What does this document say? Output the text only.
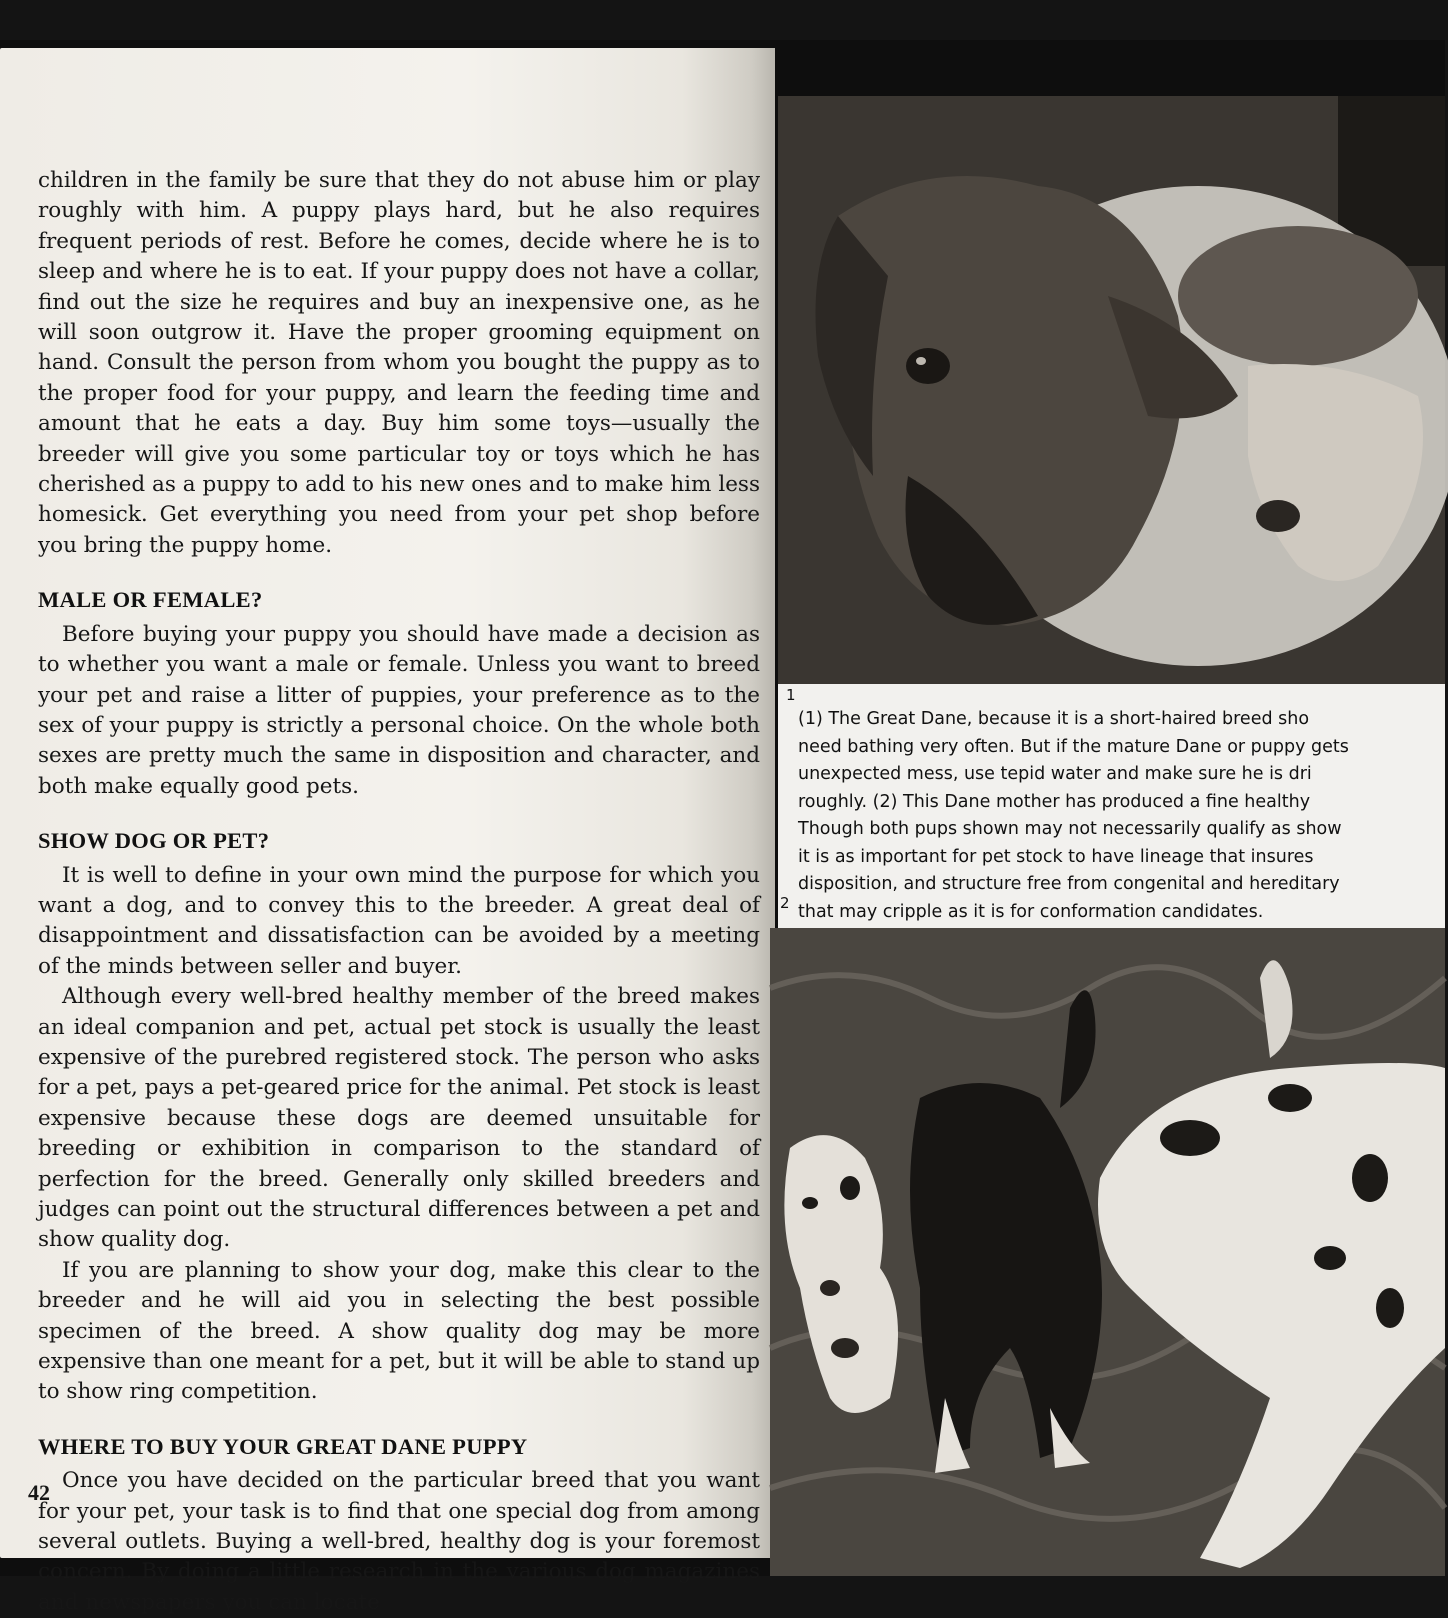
children in the family be sure that they do not abuse him or play roughly with him. A puppy plays hard, but he also requires frequent periods of rest. Before he comes, decide where he is to sleep and where he is to eat. If your puppy does not have a collar, find out the size he requires and buy an inexpensive one, as he will soon outgrow it. Have the proper grooming equipment on hand. Consult the person from whom you bought the puppy as to the proper food for your puppy, and learn the feeding time and amount that he eats a day. Buy him some toys—usually the breeder will give you some particular toy or toys which he has cherished as a puppy to add to his new ones and to make him less homesick. Get everything you need from your pet shop before you bring the puppy home.

MALE OR FEMALE?

Before buying your puppy you should have made a decision as to whether you want a male or female. Unless you want to breed your pet and raise a litter of puppies, your preference as to the sex of your puppy is strictly a personal choice. On the whole both sexes are pretty much the same in disposition and character, and both make equally good pets.

SHOW DOG OR PET?

It is well to define in your own mind the purpose for which you want a dog, and to convey this to the breeder. A great deal of disappointment and dissatisfaction can be avoided by a meeting of the minds between seller and buyer.

Although every well-bred healthy member of the breed makes an ideal companion and pet, actual pet stock is usually the least expensive of the purebred registered stock. The person who asks for a pet, pays a pet-geared price for the animal. Pet stock is least expensive because these dogs are deemed unsuitable for breeding or exhibition in comparison to the standard of perfection for the breed. Generally only skilled breeders and judges can point out the structural differences between a pet and show quality dog.

If you are planning to show your dog, make this clear to the breeder and he will aid you in selecting the best possible specimen of the breed. A show quality dog may be more expensive than one meant for a pet, but it will be able to stand up to show ring competition.

WHERE TO BUY YOUR GREAT DANE PUPPY

Once you have decided on the particular breed that you want for your pet, your task is to find that one special dog from among several outlets. Buying a well-bred, healthy dog is your foremost concern. By doing a little research in the various dog magazines and newspapers you can locate

42
1
(1) The Great Dane, because it is a short-haired breed sho
need bathing very often. But if the mature Dane or puppy gets
unexpected mess, use tepid water and make sure he is dri
roughly. (2) This Dane mother has produced a fine healthy
Though both pups shown may not necessarily qualify as show
it is as important for pet stock to have lineage that insures
disposition, and structure free from congenital and hereditary
that may cripple as it is for conformation candidates.
2
